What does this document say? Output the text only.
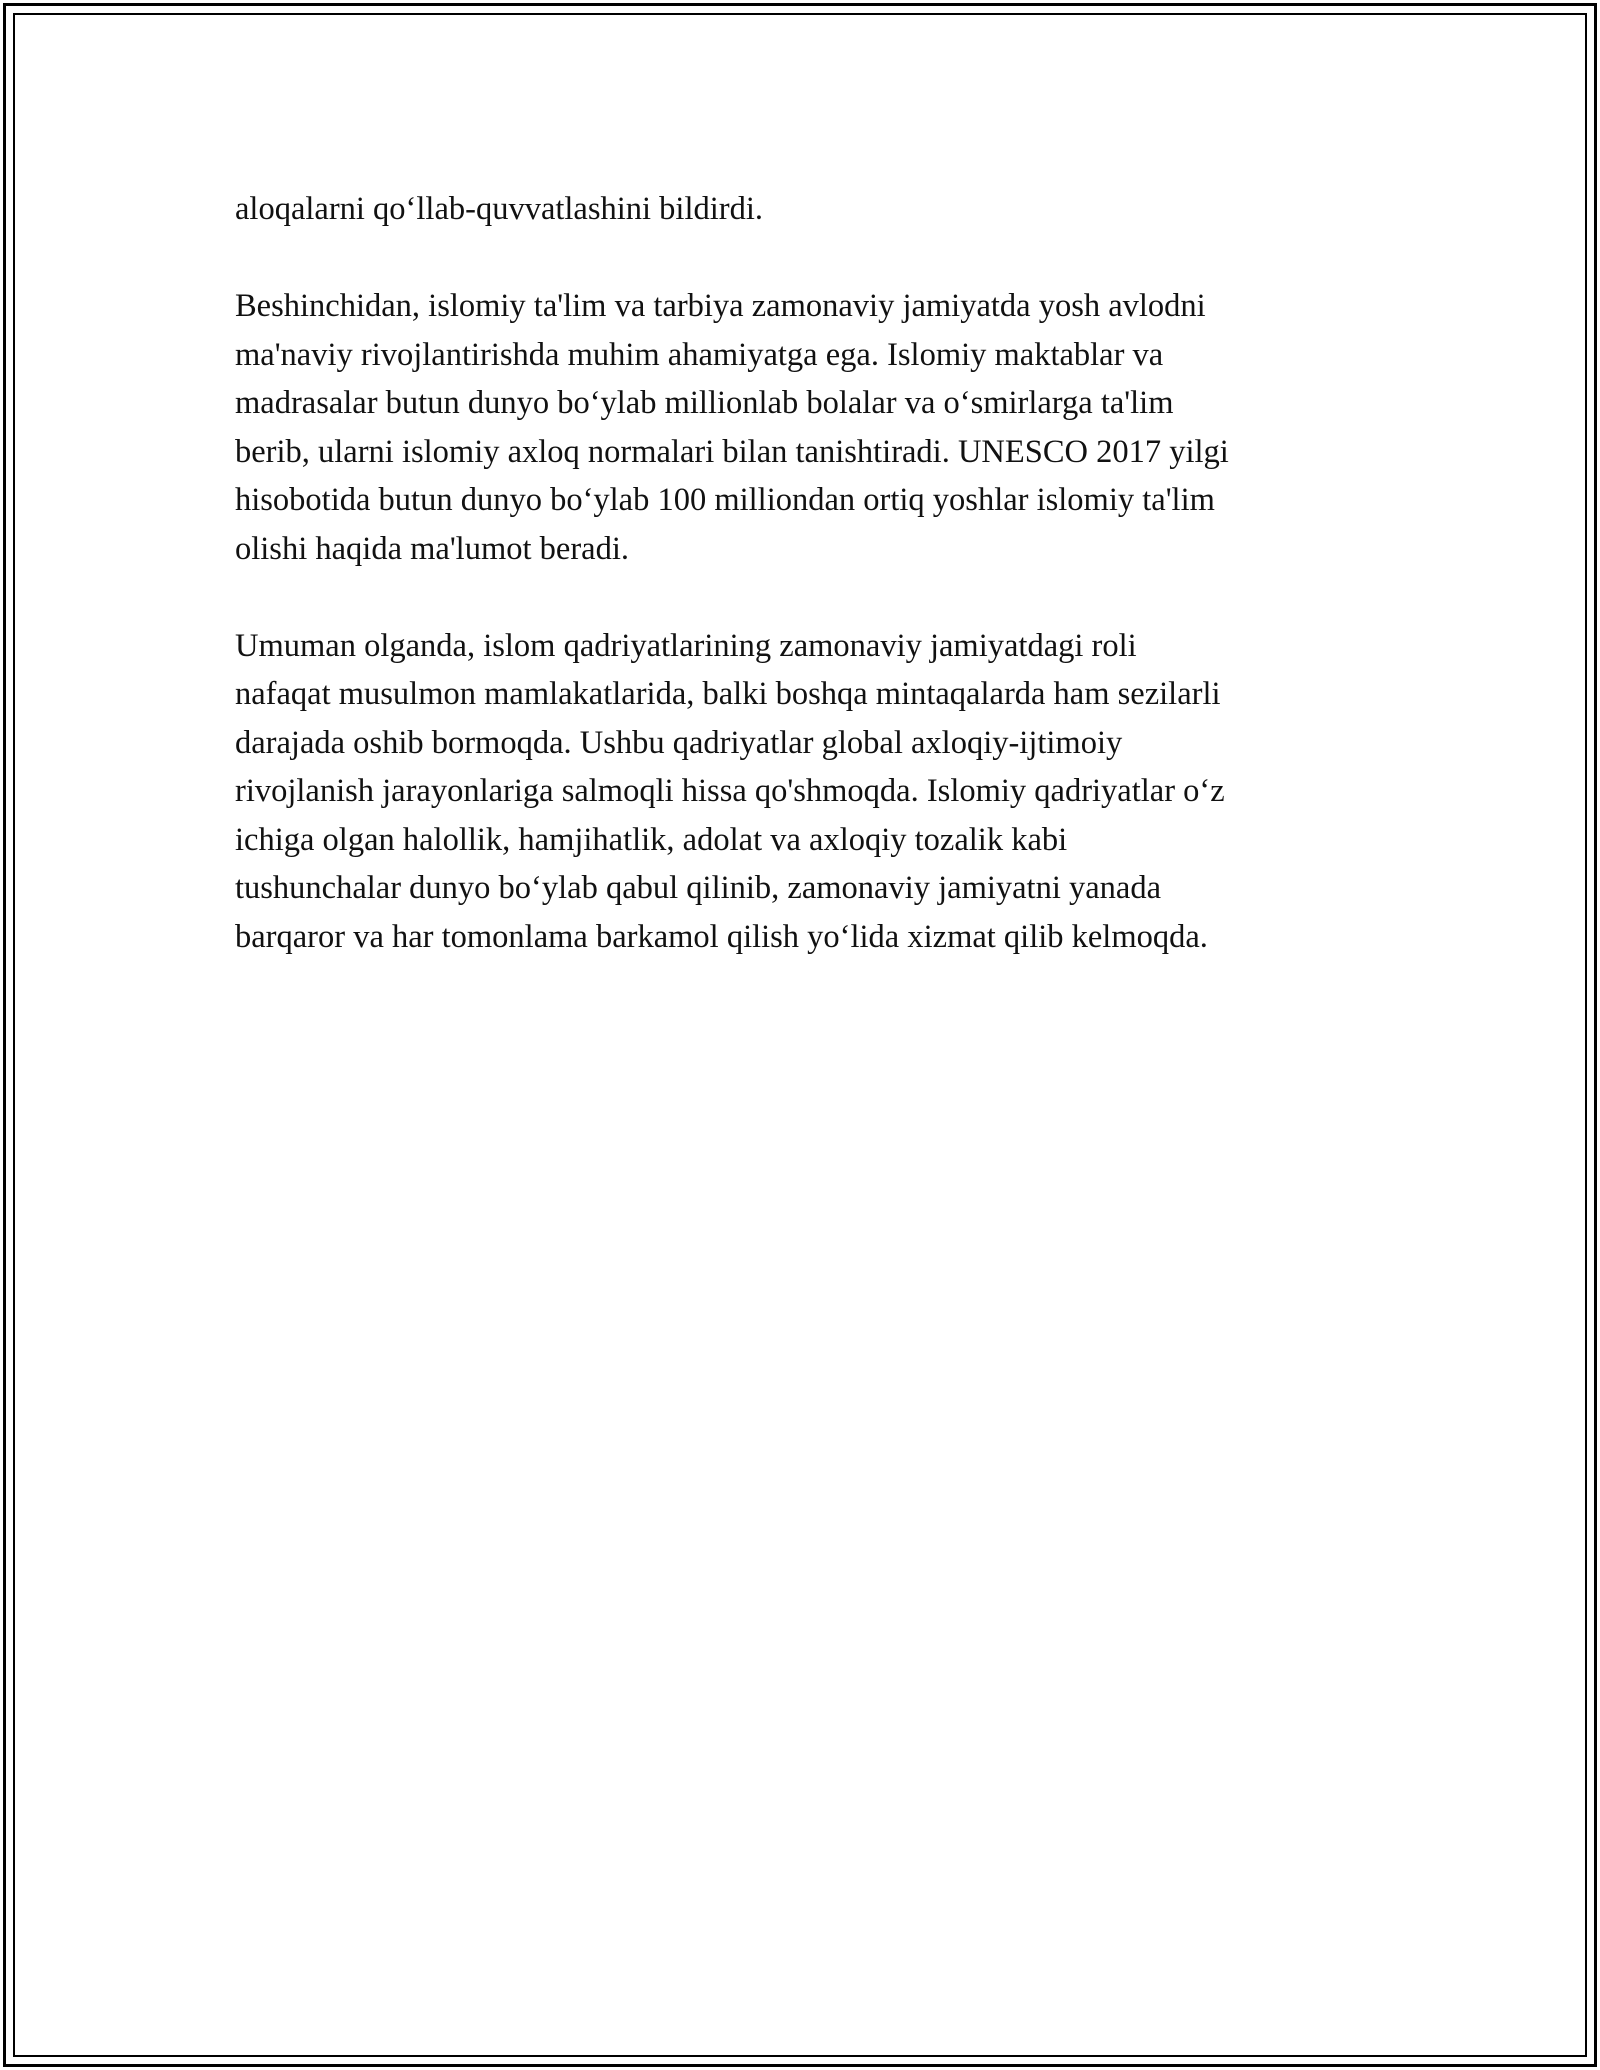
aloqalarni qo‘llab-quvvatlashini bildirdi.

Beshinchidan, islomiy ta'lim va tarbiya zamonaviy jamiyatda yosh avlodni
ma'naviy rivojlantirishda muhim ahamiyatga ega. Islomiy maktablar va
madrasalar butun dunyo bo‘ylab millionlab bolalar va o‘smirlarga ta'lim
berib, ularni islomiy axloq normalari bilan tanishtiradi. UNESCO 2017 yilgi
hisobotida butun dunyo bo‘ylab 100 milliondan ortiq yoshlar islomiy ta'lim
olishi haqida ma'lumot beradi.

Umuman olganda, islom qadriyatlarining zamonaviy jamiyatdagi roli
nafaqat musulmon mamlakatlarida, balki boshqa mintaqalarda ham sezilarli
darajada oshib bormoqda. Ushbu qadriyatlar global axloqiy-ijtimoiy
rivojlanish jarayonlariga salmoqli hissa qo'shmoqda. Islomiy qadriyatlar o‘z
ichiga olgan halollik, hamjihatlik, adolat va axloqiy tozalik kabi
tushunchalar dunyo bo‘ylab qabul qilinib, zamonaviy jamiyatni yanada
barqaror va har tomonlama barkamol qilish yo‘lida xizmat qilib kelmoqda.
